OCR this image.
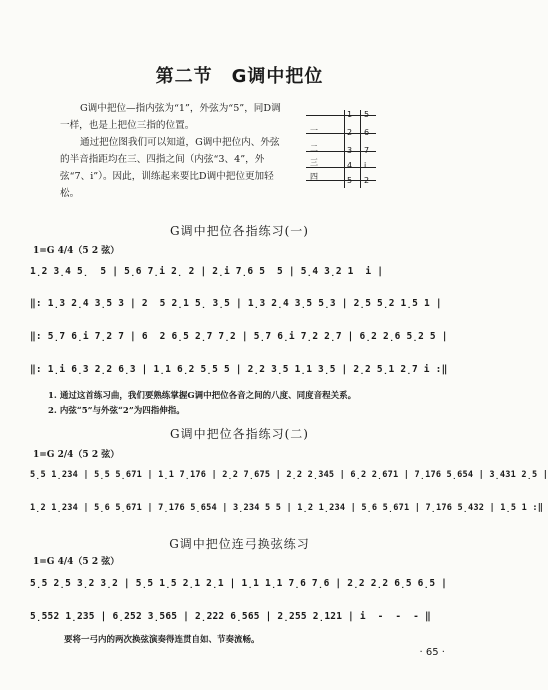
第二节　G调中把位

G调中把位—指内弦为“1”，外弦为“5”，同D调一样，也是上把位三指的位置。

通过把位图我们可以知道，G调中把位内、外弦的半音指距均在三、四指之间（内弦“3、4”，外弦“7、i”）。因此，训练起来要比D调中把位更加轻松。

一
二
三
四
1
2
3
4
5
5
6
7
i
2
G调中把位各指练习(一)
1=G 4/4（5 2 弦）
1̣2 3̣4 5̣  5 | 5̣6 7̣i 2̣ 2 | 2̣i 7̣6 5  5 | 5̣4 3̣2 1  i |
‖: 1̣3 2̣4 3̣5 3 | 2  5 2̣1 5̣ 3̣5 | 1̣3 2̣4 3̣5 5̣3 | 2̣5 5̣2 1̣5 1 |
‖: 5̣7 6̣i 7̣2 7 | 6  2 6̣5 2̣7 7̣2 | 5̣7 6̣i 7̣2 2̣7 | 6̣2 2̣6 5̣2 5 |
‖: 1̣i 6̣3 2̣2 6̣3 | 1̣1 6̣2 5̣5 5 | 2̣2 3̣5 1̣1 3̣5 | 2̣2 5̣1 2̣7 i :‖
1. 通过这首练习曲，我们要熟练掌握G调中把位各音之间的八度、同度音程关系。
2. 内弦“5”与外弦“2”为四指伸指。
G调中把位各指练习(二)
1=G 2/4（5 2 弦）
5̣5 1̣234 | 5̣5 5̣671 | 1̣1 7̣176 | 2̣2 7̣675 | 2̣2 2̣345 | 6̣2 2̣671 | 7̣176 5̣654 | 3̣431 2̣5 |
1̣2 1̣234 | 5̣6 5̣671 | 7̣176 5̣654 | 3̣234 5 5 | 1̣2 1̣234 | 5̣6 5̣671 | 7̣176 5̣432 | 1̣5 1 :‖
G调中把位连弓换弦练习
1=G 4/4（5 2 弦）
5̣5 2̣5 3̣2 3̣2 | 5̣5 1̣5 2̣1 2̣1 | 1̣1 1̣1 7̣6 7̣6 | 2̣2 2̣2 6̣5 6̣5 |
5̣552 1̣235 | 6̣252 3̣565 | 2̣222 6̣565 | 2̣255 2̣121 | i  -  -  - ‖
要将一弓内的两次换弦演奏得连贯自如、节奏流畅。
· 65 ·
